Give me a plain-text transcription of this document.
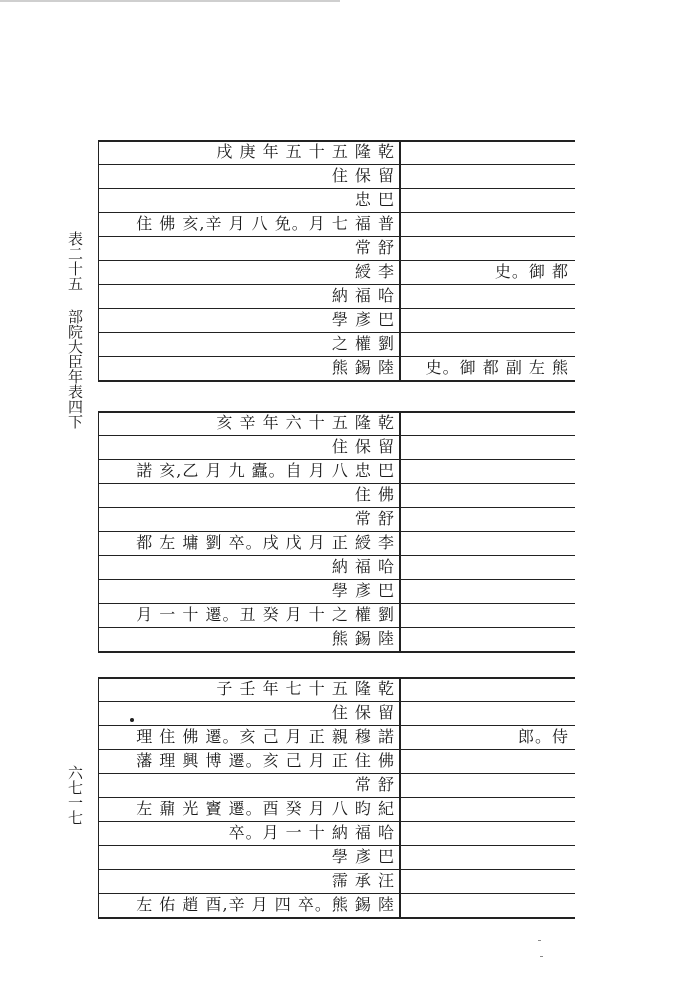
表二十五 部院大臣年表四下
六七一七
戌 庚 年 五 十 五 隆 乾
住 保 留
忠 巴
住 佛 亥,辛 月 八 免。月 七 福 普
常 舒
綬 李	史。御 都
納 福 哈
學 彥 巴
之 權 劉
熊 錫 陸	史。御 都 副 左 熊
亥 辛 年 六 十 五 隆 乾
住 保 留
諾 亥,乙 月 九 蠹。自 月 八 忠 巴
住 佛
常 舒
都 左 墉 劉 卒。戌 戊 月 正 綬 李
納 福 哈
學 彥 巴
月 一 十 遷。丑 癸 月 十 之 權 劉
熊 錫 陸
子 壬 年 七 十 五 隆 乾
住 保 留
理 住 佛 遷。亥 己 月 正 親 穆 諾	郎。侍
藩 理 興 博 遷。亥 己 月 正 住 佛
常 舒
左 鼐 光 竇 遷。酉 癸 月 八 昀 紀
卒。月 一 十 納 福 哈
學 彥 巴
霈 承 汪
左 佑 趙 酉,辛 月 四 卒。熊 錫 陸
